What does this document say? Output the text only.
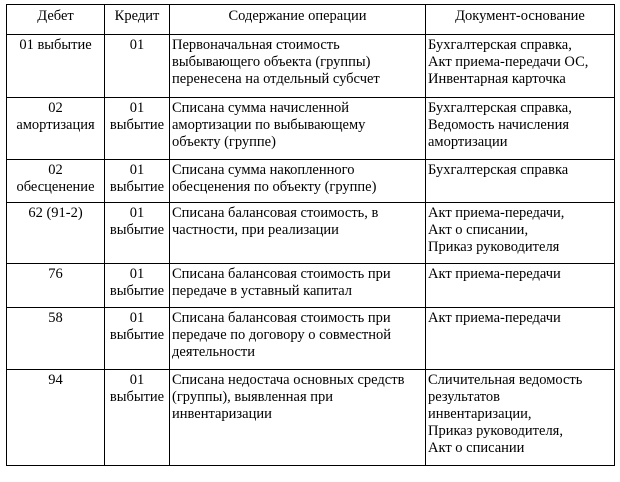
Дебет	Кредит	Содержание операции	Документ-основание

01 выбытие	01	Первоначальная стоимость
выбывающего объекта (группы)
перенесена на отдельный субсчет	Бухгалтерская справка,
Акт приема-передачи ОС,
Инвентарная карточка

02
амортизация	01
выбытие	Списана сумма начисленной
амортизации по выбывающему
объекту (группе)	Бухгалтерская справка,
Ведомость начисления
амортизации

02
обесценение	01
выбытие	Списана сумма накопленного
обесценения по объекту (группе)	Бухгалтерская справка

62 (91-2)	01
выбытие	Списана балансовая стоимость, в
частности, при реализации	Акт приема-передачи,
Акт о списании,
Приказ руководителя

76	01
выбытие	Списана балансовая стоимость при
передаче в уставный капитал	Акт приема-передачи

58	01
выбытие	Списана балансовая стоимость при
передаче по договору о совместной
деятельности	Акт приема-передачи

94	01
выбытие	Списана недостача основных средств
(группы), выявленная при
инвентаризации	Сличительная ведомость
результатов
инвентаризации,
Приказ руководителя,
Акт о списании
